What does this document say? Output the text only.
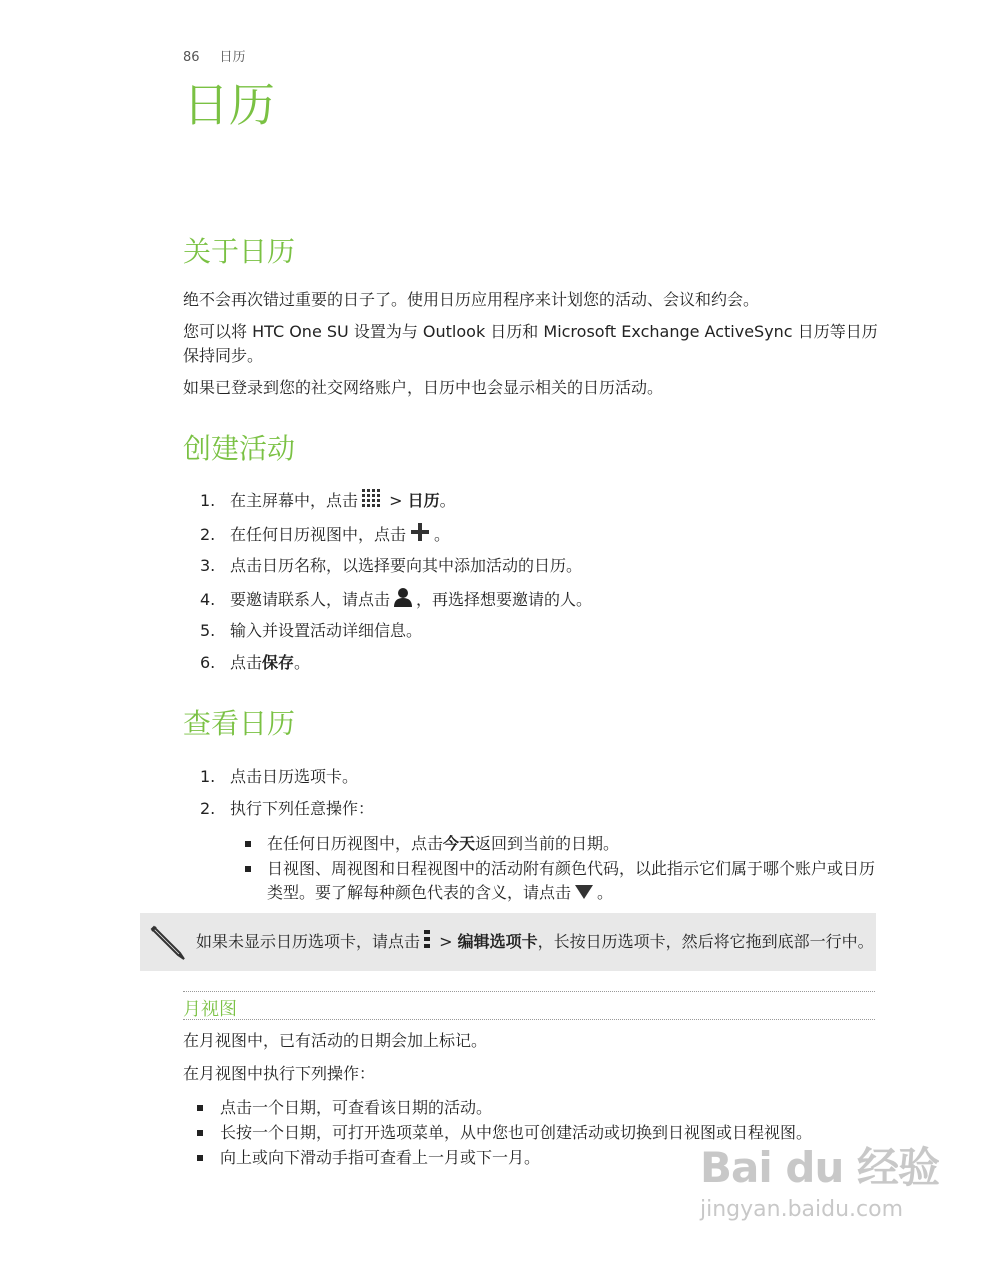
86 日历
日历
关于日历

绝不会再次错过重要的日子了。使用日历应用程序来计划您的活动、会议和约会。

您可以将 HTC One SU 设置为与 Outlook 日历和 Microsoft Exchange ActiveSync 日历等日历保持同步。

如果已登录到您的社交网络账户，日历中也会显示相关的日历活动。

创建活动
1. 在主屏幕中，点击 > 日历。
2. 在任何日历视图中，点击 。
3. 点击日历名称，以选择要向其中添加活动的日历。
4. 要邀请联系人，请点击 ，再选择想要邀请的人。
5. 输入并设置活动详细信息。
6. 点击保存。
查看日历
1. 点击日历选项卡。
2. 执行下列任意操作：
在任何日历视图中，点击今天返回到当前的日期。
日视图、周视图和日程视图中的活动附有颜色代码，以此指示它们属于哪个账户或日历类型。要了解每种颜色代表的含义，请点击 。
如果未显示日历选项卡，请点击 > 编辑选项卡，长按日历选项卡，然后将它拖到底部一行中。
月视图

在月视图中，已有活动的日期会加上标记。

在月视图中执行下列操作：

点击一个日期，可查看该日期的活动。
长按一个日期，可打开选项菜单，从中您也可创建活动或切换到日视图或日程视图。
向上或向下滑动手指可查看上一月或下一月。	Bai du 经验
jingyan.baidu.com
